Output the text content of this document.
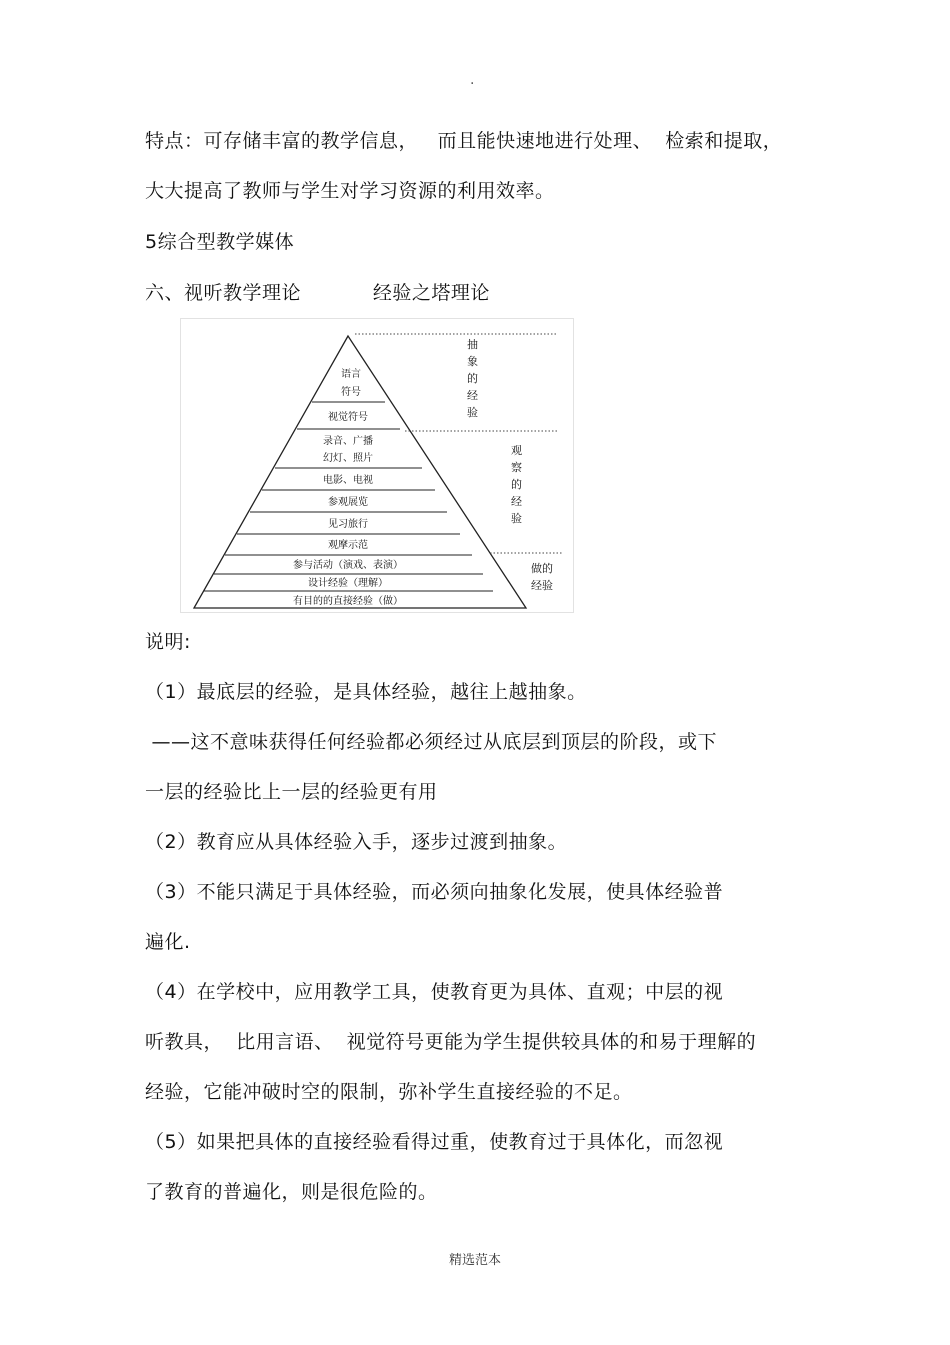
.
特点：可存储丰富的教学信息，   而且能快速地进行处理、  检索和提取，
大大提高了教师与学生对学习资源的利用效率。
5综合型教学媒体
六、视听教学理论           经验之塔理论
语言
符号
视觉符号
录音、广播
幻灯、照片
电影、电视
参观展览
见习旅行
观摩示范
参与活动（演戏、表演）
设计经验（理解）
有目的的直接经验（做）
抽
象
的
经
验
观
察
的
经
验
做的
经验
说明:
（1）最底层的经验，是具体经验，越往上越抽象。
——这不意味获得任何经验都必须经过从底层到顶层的阶段，或下
一层的经验比上一层的经验更有用
（2）教育应从具体经验入手，逐步过渡到抽象。
（3）不能只满足于具体经验，而必须向抽象化发展，使具体经验普
遍化.
（4）在学校中，应用教学工具，使教育更为具体、直观；中层的视
听教具，  比用言语、  视觉符号更能为学生提供较具体的和易于理解的
经验，它能冲破时空的限制，弥补学生直接经验的不足。
（5）如果把具体的直接经验看得过重，使教育过于具体化，而忽视
了教育的普遍化，则是很危险的。
精选范本
